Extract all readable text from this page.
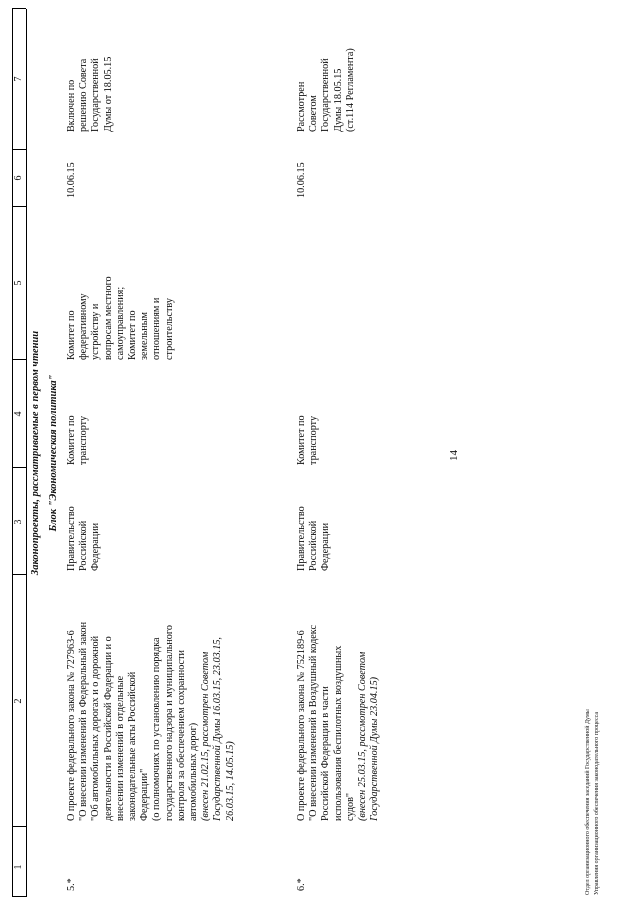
14
1
2
3
4
5
6
7
Законопроекты, рассматриваемые в первом чтении Блок "Экономическая политика"
5.*
О проекте федерального закона № 727963-6 "О внесении изменений в Федеральный закон "Об автомобильных дорогах и о дорожной деятельности в Российской Федерации и о внесении изменений в отдельные законодательные акты Российской Федерации" (о полномочиях по установлению порядка государственного надзора и муниципального контроля за обеспечением сохранности автомобильных дорог) (внесен 21.02.15, рассмотрен Советом Государственной Думы 16.03.15, 23.03.15, 26.03.15, 14.05.15)
Правительство Российской Федерации
Комитет по транспорту
Комитет по федеративному устройству и вопросам местного самоуправления; Комитет по земельным отношениям и строительству
10.06.15
Включен по решению Совета Государственной Думы от 18.05.15
6.*
О проекте федерального закона № 752189-6 "О внесении изменений в Воздушный кодекс Российской Федерации в части использования беспилотных воздушных судов" (внесен 25.03.15, рассмотрен Советом Государственной Думы 23.04.15)
Правительство Российской Федерации
Комитет по транспорту
10.06.15
Рассмотрен Советом Государственной Думы 18.05.15 (ст.114 Регламента)
Отдел организационного обеспечения заседаний Государственной Думы Управления организационного обеспечения законодательного процесса
